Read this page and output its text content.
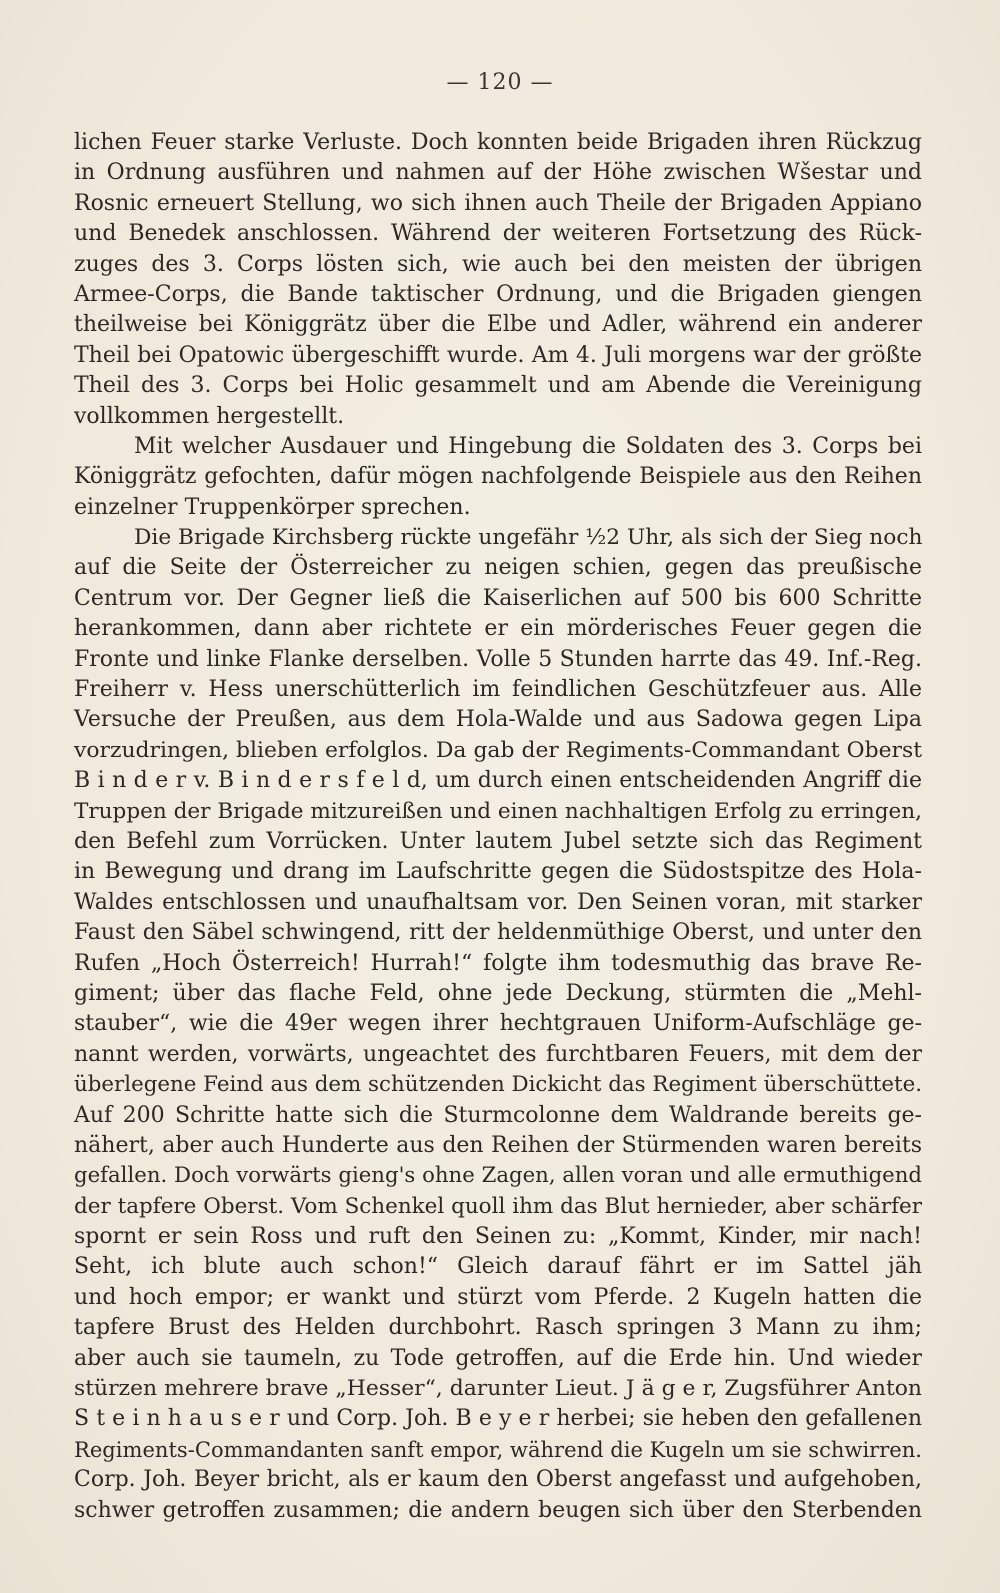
— 120 —
lichen Feuer starke Verluste. Doch konnten beide Brigaden ihren Rückzug
in Ordnung ausführen und nahmen auf der Höhe zwischen Wšestar und
Rosnic erneuert Stellung, wo sich ihnen auch Theile der Brigaden Appiano
und Benedek anschlossen. Während der weiteren Fortsetzung des Rück-
zuges des 3. Corps lösten sich, wie auch bei den meisten der übrigen
Armee-Corps, die Bande taktischer Ordnung, und die Brigaden giengen
theilweise bei Königgrätz über die Elbe und Adler, während ein anderer
Theil bei Opatowic übergeschifft wurde. Am 4. Juli morgens war der größte
Theil des 3. Corps bei Holic gesammelt und am Abende die Vereinigung
vollkommen hergestellt.
Mit welcher Ausdauer und Hingebung die Soldaten des 3. Corps bei
Königgrätz gefochten, dafür mögen nachfolgende Beispiele aus den Reihen
einzelner Truppenkörper sprechen.
Die Brigade Kirchsberg rückte ungefähr ½2 Uhr, als sich der Sieg noch
auf die Seite der Österreicher zu neigen schien, gegen das preußische
Centrum vor. Der Gegner ließ die Kaiserlichen auf 500 bis 600 Schritte
herankommen, dann aber richtete er ein mörderisches Feuer gegen die
Fronte und linke Flanke derselben. Volle 5 Stunden harrte das 49. Inf.-Reg.
Freiherr v. Hess unerschütterlich im feindlichen Geschützfeuer aus. Alle
Versuche der Preußen, aus dem Hola-Walde und aus Sadowa gegen Lipa
vorzudringen, blieben erfolglos. Da gab der Regiments-Commandant Oberst
B i n d e r v. B i n d e r s f e l d, um durch einen entscheidenden Angriff die
Truppen der Brigade mitzureißen und einen nachhaltigen Erfolg zu erringen,
den Befehl zum Vorrücken. Unter lautem Jubel setzte sich das Regiment
in Bewegung und drang im Laufschritte gegen die Südostspitze des Hola-
Waldes entschlossen und unaufhaltsam vor. Den Seinen voran, mit starker
Faust den Säbel schwingend, ritt der heldenmüthige Oberst, und unter den
Rufen „Hoch Österreich! Hurrah!“ folgte ihm todesmuthig das brave Re-
giment; über das flache Feld, ohne jede Deckung, stürmten die „Mehl-
stauber“, wie die 49er wegen ihrer hechtgrauen Uniform-Aufschläge ge-
nannt werden, vorwärts, ungeachtet des furchtbaren Feuers, mit dem der
überlegene Feind aus dem schützenden Dickicht das Regiment überschüttete.
Auf 200 Schritte hatte sich die Sturmcolonne dem Waldrande bereits ge-
nähert, aber auch Hunderte aus den Reihen der Stürmenden waren bereits
gefallen. Doch vorwärts gieng's ohne Zagen, allen voran und alle ermuthigend
der tapfere Oberst. Vom Schenkel quoll ihm das Blut hernieder, aber schärfer
spornt er sein Ross und ruft den Seinen zu: „Kommt, Kinder, mir nach!
Seht, ich blute auch schon!“ Gleich darauf fährt er im Sattel jäh
und hoch empor; er wankt und stürzt vom Pferde. 2 Kugeln hatten die
tapfere Brust des Helden durchbohrt. Rasch springen 3 Mann zu ihm;
aber auch sie taumeln, zu Tode getroffen, auf die Erde hin. Und wieder
stürzen mehrere brave „Hesser“, darunter Lieut. J ä g e r, Zugsführer Anton
S t e i n h a u s e r und Corp. Joh. B e y e r herbei; sie heben den gefallenen
Regiments-Commandanten sanft empor, während die Kugeln um sie schwirren.
Corp. Joh. Beyer bricht, als er kaum den Oberst angefasst und aufgehoben,
schwer getroffen zusammen; die andern beugen sich über den Sterbenden
